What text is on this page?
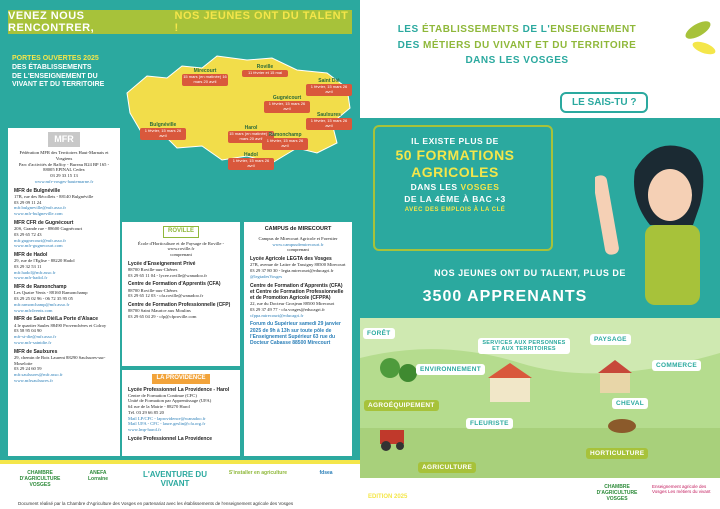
VENEZ NOUS RENCONTRER,
NOS JEUNES ONT DU TALENT !
PORTES OUVERTES 2025
DES ÉTABLISSEMENTS
DE L'ENSEIGNEMENT DU
VIVANT ET DU TERRITOIRE
Mirecourt
15 mars (en matinée) 16 mars 20 avril
Roville
11 février et 15 mai
Gugnécourt
1 février, 15 mars 26 avril
Saint Dié
1 février, 15 mars 26 avril
Bulgnéville
1 février, 15 mars 26 avril
Harol
15 mars (en matinée) 16 mars 20 avril
Ramonchamp
1 février, 15 mars 26 avril
Saulxures
1 février, 15 mars 26 avril
Hadol
1 février, 15 mars 26 avril
MFR
Fédération MFR des Territoires Haut-Marnais et Vosgiens
Parc d'activités de Raffoy - Bureau B24 BP 165 - 88005 EPINAL Cedex
03 29 33 15 13
www.mfr-vosges-hautemarne.fr
MFR de Bulgnéville
17B, rue des Récollets - 88140 Bulgnéville
03 29 09 11 24
mfr.bulgneville@mfr.asso.fr
www.mfr-bulgneville.com
MFR CFR de Gugnécourt
20S, Grande rue - 88600 Gugnécourt
03 29 65 72 43
mfr.gugnecourt@mfr.asso.fr
www.mfr-gugnecourt.com
MFR de Hadol
29, rue de l'Eglise - 88220 Hadol
03 29 32 53 11
mfr.hadol@mfr.asso.fr
www.mfr-hadol.fr
MFR de Ramonchamp
Les Quatre Vents - 88160 Ramonchamp
03 29 25 02 96 - 06 72 35 95 05
mfr.ramonchamp@mfr.asso.fr
www.mfr4vents.com
MFR de Saint Dié/La Porte d'Alsace
4 le quartier Saules 88490 Provenchères et Colroy
03 58 95 04 90
mfr-st-die@mfr.asso.fr
www.mfr-saintdie.fr
MFR de Saulxures
29, chemin de Bois Laurent 88290 Saulxures-sur-Moselotte
03 29 24 60 59
mfr.saulxures@mfr.asso.fr
www.mfrsaulxures.fr
ROVILLE
École d'Horticulture et de Paysage de Roville - www.roville.fr
comprenant
Lycée d'Enseignement Privé
88700 Roville-aux-Chênes
03 29 65 11 04 - lycee.roville@wanadoo.fr
Centre de Formation d'Apprentis (CFA)
88700 Roville-aux-Chênes
03 29 65 12 03 - cfa.roville@wanadoo.fr
Centre de Formation Professionnelle (CFP)
88700 Saint Maurice aux Moulins
03 29 65 04 29 - cfp@cfproville.com
LA PROVIDENCE
Lycée Professionnel La Providence - Harol
Centre de Formation Continue (CFC)
Unité de Formation par Apprentissage (UFA)
64 rue de la Mairie - 88270 Harol
Tél. 03 29 66 85 20
Mail LP/CFC - laprovidence@wanadoo.fr
Mail UFA - CFC - laure.geslin@cfa.org.fr
www.lmp-harol.fr
Lycée Professionnel La Providence
CAMPUS de MIRECOURT
Campus de Mirecourt Agricole et Forestier
www.campusdemirecourt.fr
comprenant
Lycée Agricole LEGTA des Vosges
27B, avenue de Lattre de Tassigny 88500 Mirecourt
03 29 37 80 30 - legta.mirecourt@educagri.fr
@legtadesVosges
Centre de Formation d'Apprentis (CFA) et Centre de Formation Professionnelle et de Promotion Agricole (CFPPA)
22, rue du Docteur Grosjean 88500 Mirecourt
03 29 37 49 77 - cfa.vosges@educagri.fr
cfppa.mirecourt@educagri.fr
Forum du Supérieur samedi 29 janvier 2025 de 9h à 13h sur toute pôle de l'Enseignement Supérieur 63 rue du Docteur Cabasse 88500 Mirecourt
CHAMBRE D'AGRICULTURE VOSGES
ANEFA Lorraine	L'AVENTURE DU VIVANT
S'installer en agriculture	fdsea
Document réalisé par la Chambre d'Agriculture des Vosges en partenariat avec les établissements de l'enseignement agricole des Vosges
LES ÉTABLISSEMENTS DE L'ENSEIGNEMENT
DES MÉTIERS DU VIVANT ET DU TERRITOIRE
DANS LES VOSGES
LE SAIS-TU ?
IL EXISTE PLUS DE
50 FORMATIONS
AGRICOLES
DANS LES VOSGES
DE LA 4ÈME À BAC +3
AVEC DES EMPLOIS À LA CLÉ
NOS JEUNES ONT DU TALENT, PLUS DE
3500 APPRENANTS
FORÊT
SERVICES AUX PERSONNES ET AUX TERRITOIRES
PAYSAGE
COMMERCE
ENVIRONNEMENT
CHEVAL
AGROÉQUIPEMENT
FLEURISTE
HORTICULTURE
AGRICULTURE
EDITION 2025
CHAMBRE D'AGRICULTURE VOSGES
Enseignement agricole des Vosges Les métiers du vivant
